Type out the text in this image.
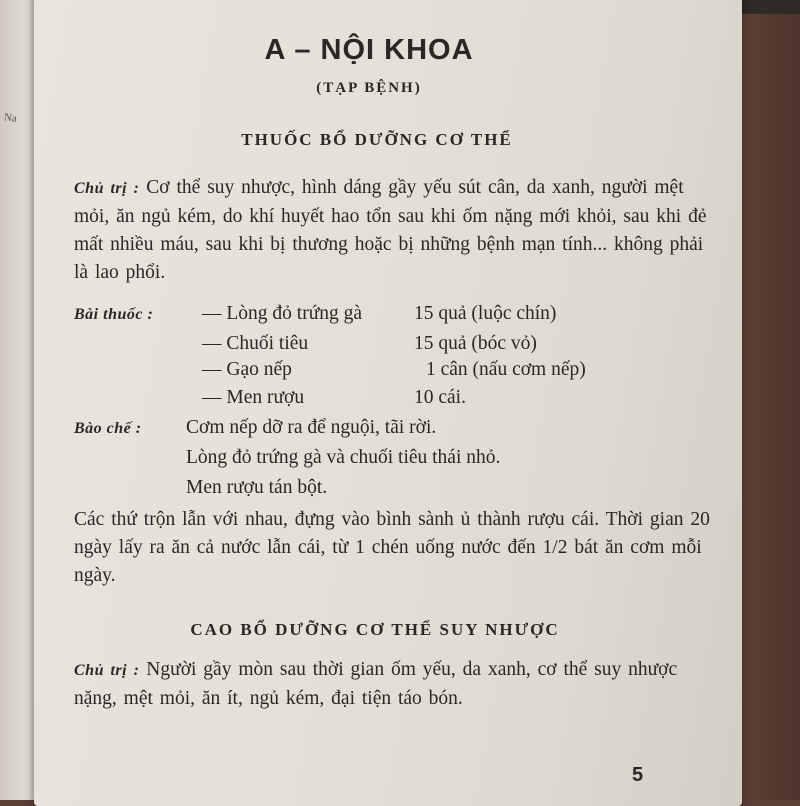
Na
A – NỘI KHOA
(TẠP BỆNH)
THUỐC BỔ DƯỠNG CƠ THỂ
Chủ trị : Cơ thể suy nhược, hình dáng gầy yếu sút cân, da xanh, người mệt mỏi, ăn ngủ kém, do khí huyết hao tổn sau khi ốm nặng mới khỏi, sau khi đẻ mất nhiều máu, sau khi bị thương hoặc bị những bệnh mạn tính... không phải là lao phổi.
Bài thuốc : — Lòng đỏ trứng gà	15 quả (luộc chín)
— Chuối tiêu	15 quả (bóc vỏ)
— Gạo nếp	1 cân (nấu cơm nếp)
— Men rượu	10 cái.
Bào chế : Cơm nếp dỡ ra để nguội, tãi rời.
Lòng đỏ trứng gà và chuối tiêu thái nhỏ.
Men rượu tán bột.
Các thứ trộn lẫn với nhau, đựng vào bình sành ủ thành rượu cái. Thời gian 20 ngày lấy ra ăn cả nước lẫn cái, từ 1 chén uống nước đến 1/2 bát ăn cơm mỗi ngày.
CAO BỔ DƯỠNG CƠ THỂ SUY NHƯỢC
Chủ trị : Người gầy mòn sau thời gian ốm yếu, da xanh, cơ thể suy nhược nặng, mệt mỏi, ăn ít, ngủ kém, đại tiện táo bón.
5
